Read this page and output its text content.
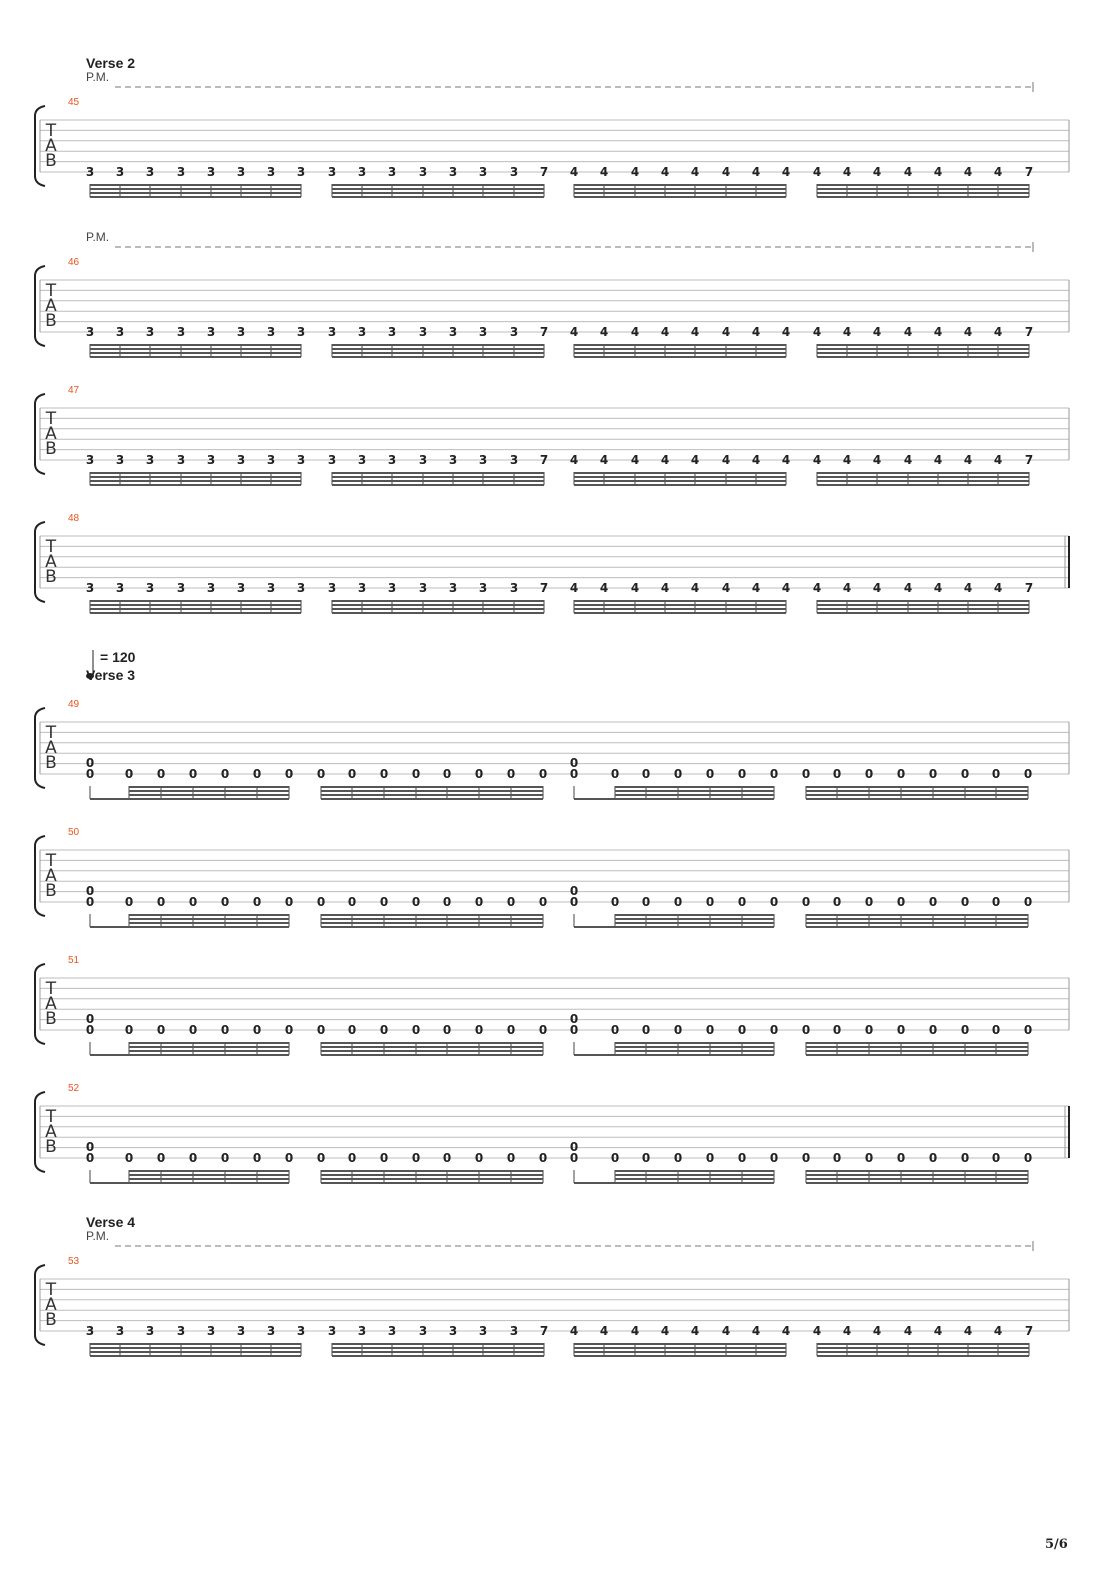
T
A
B
3 3 3 3 3 3 3 3 3 3 3 3 3 3 3 7 4 4 4 4 4 4 4 4 4 4 4 4 4 4 4 7
T
A
B
3 3 3 3 3 3 3 3 3 3 3 3 3 3 3 7 4 4 4 4 4 4 4 4 4 4 4 4 4 4 4 7
T
A
B
3 3 3 3 3 3 3 3 3 3 3 3 3 3 3 7 4 4 4 4 4 4 4 4 4 4 4 4 4 4 4 7
T
A
B
3 3 3 3 3 3 3 3 3 3 3 3 3 3 3 7 4 4 4 4 4 4 4 4 4 4 4 4 4 4 4 7
T
A
B
0	0 0 0 0 0 0 0 0 0 0 0 0 0 0 0	0 0 0 0 0 0 0 0 0 0 0 0 0 0
0	0
T
A
B
0	0 0 0 0 0 0 0 0 0 0 0 0 0 0 0	0 0 0 0 0 0 0 0 0 0 0 0 0 0
0	0
T
A
B
0	0 0 0 0 0 0 0 0 0 0 0 0 0 0 0	0 0 0 0 0 0 0 0 0 0 0 0 0 0
0	0
T
A
B
0	0 0 0 0 0 0 0 0 0 0 0 0 0 0 0	0 0 0 0 0 0 0 0 0 0 0 0 0 0
0	0
T
A
B
3 3 3 3 3 3 3 3 3 3 3 3 3 3 3 7 4 4 4 4 4 4 4 4 4 4 4 4 4 4 4 7
5/6
45
Verse 2
P.M.
46
P.M.
47
48
49
= 120
Verse 3
50
51
52
53
Verse 4
P.M.
